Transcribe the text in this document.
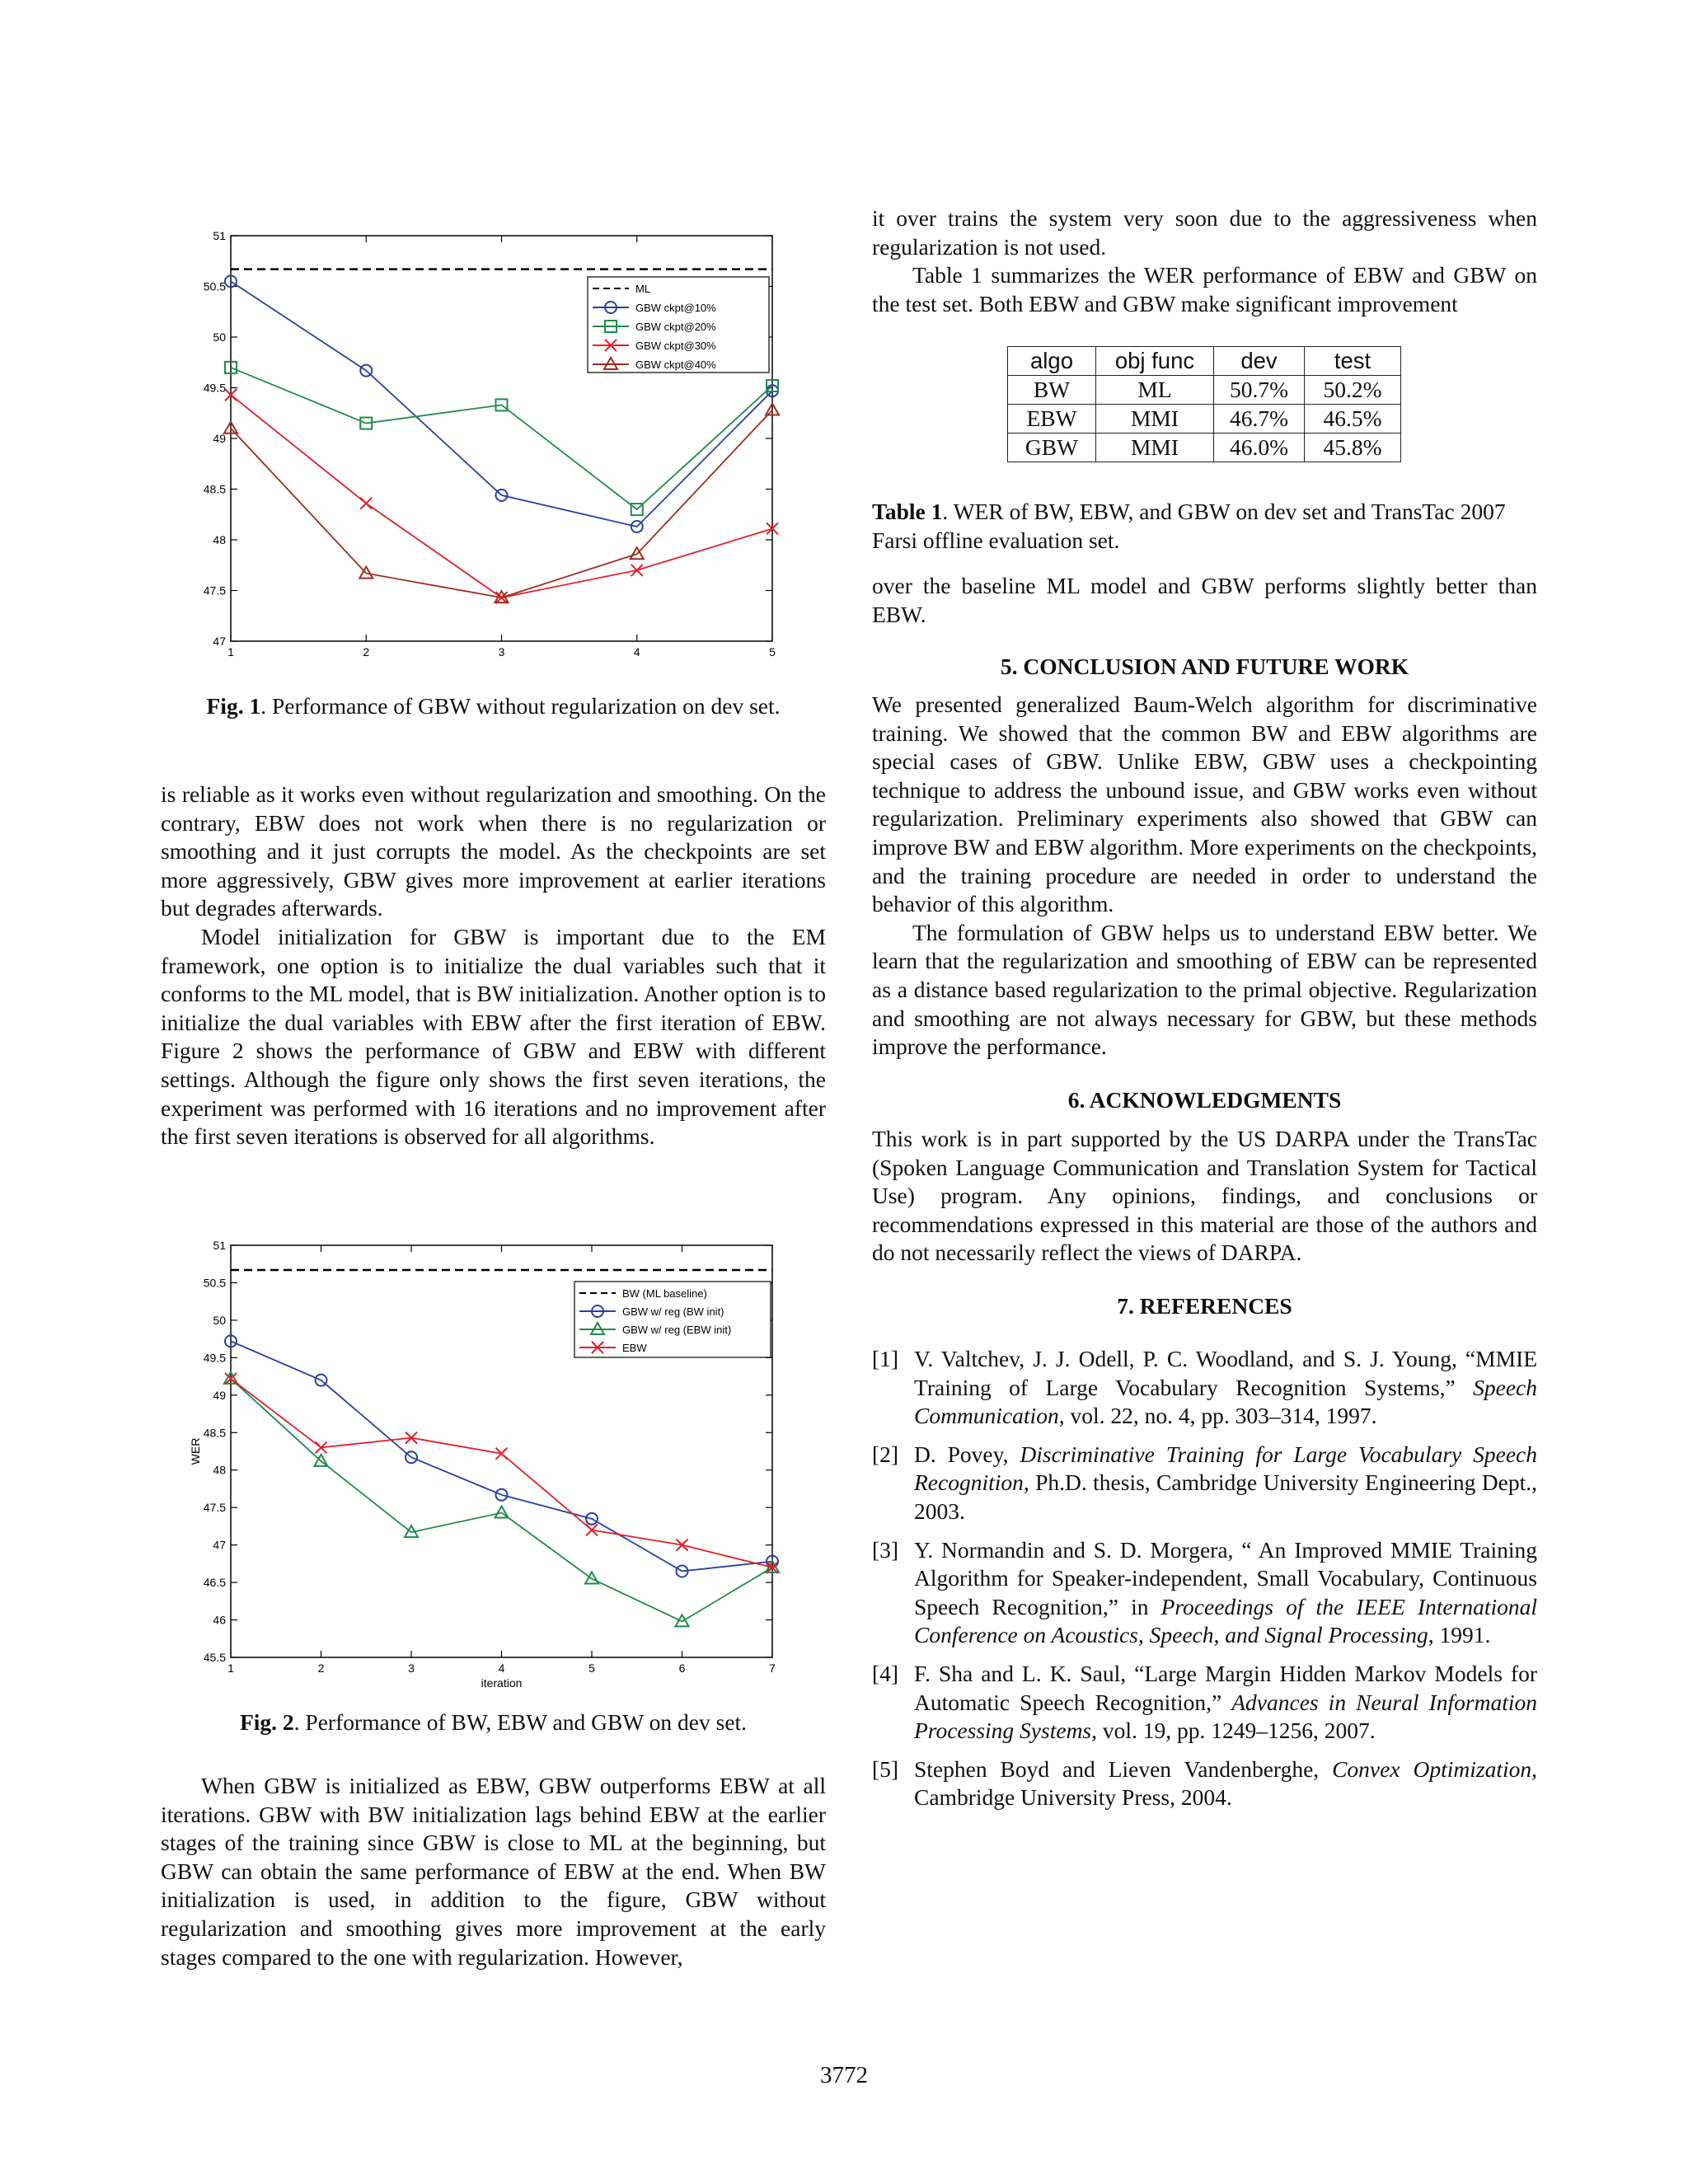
51
50.5
50
49.5
49
48.5
48
47.5
47
1	2	3	4	5
ML
GBW ckpt@10%
GBW ckpt@20%
GBW ckpt@30%
GBW ckpt@40%
Fig. 1. Performance of GBW without regularization on dev set.

is reliable as it works even without regularization and smoothing. On the contrary, EBW does not work when there is no regularization or smoothing and it just corrupts the model. As the checkpoints are set more aggressively, GBW gives more improvement at earlier iterations but degrades afterwards.

Model initialization for GBW is important due to the EM framework, one option is to initialize the dual variables such that it conforms to the ML model, that is BW initialization. Another option is to initialize the dual variables with EBW after the first iteration of EBW. Figure 2 shows the performance of GBW and EBW with different settings. Although the figure only shows the first seven iterations, the experiment was performed with 16 iterations and no improvement after the first seven iterations is observed for all algorithms.

51
50.5
50
49.5
49
48.5
48
47.5
47
46.5
46
45.5
1	2	3	4	5	6	7
iteration
WER
BW (ML baseline)
GBW w/ reg (BW init)
GBW w/ reg (EBW init)
EBW
Fig. 2. Performance of BW, EBW and GBW on dev set.

When GBW is initialized as EBW, GBW outperforms EBW at all iterations. GBW with BW initialization lags behind EBW at the earlier stages of the training since GBW is close to ML at the beginning, but GBW can obtain the same performance of EBW at the end. When BW initialization is used, in addition to the figure, GBW without regularization and smoothing gives more improvement at the early stages compared to the one with regularization. However,

it over trains the system very soon due to the aggressiveness when regularization is not used.

Table 1 summarizes the WER performance of EBW and GBW on the test set. Both EBW and GBW make significant improvement

algo	obj func	dev	test
BW	ML	50.7%	50.2%
EBW	MMI	46.7%	46.5%
GBW	MMI	46.0%	45.8%
Table 1. WER of BW, EBW, and GBW on dev set and TransTac 2007 Farsi offline evaluation set.

over the baseline ML model and GBW performs slightly better than EBW.

5. CONCLUSION AND FUTURE WORK

We presented generalized Baum-Welch algorithm for discriminative training. We showed that the common BW and EBW algorithms are special cases of GBW. Unlike EBW, GBW uses a checkpointing technique to address the unbound issue, and GBW works even without regularization. Preliminary experiments also showed that GBW can improve BW and EBW algorithm. More experiments on the checkpoints, and the training procedure are needed in order to understand the behavior of this algorithm.

The formulation of GBW helps us to understand EBW better. We learn that the regularization and smoothing of EBW can be represented as a distance based regularization to the primal objective. Regularization and smoothing are not always necessary for GBW, but these methods improve the performance.

6. ACKNOWLEDGMENTS

This work is in part supported by the US DARPA under the TransTac (Spoken Language Communication and Translation System for Tactical Use) program. Any opinions, findings, and conclusions or recommendations expressed in this material are those of the authors and do not necessarily reflect the views of DARPA.

7. REFERENCES
[1] V. Valtchev, J. J. Odell, P. C. Woodland, and S. J. Young, “MMIE Training of Large Vocabulary Recognition Systems,” Speech Communication, vol. 22, no. 4, pp. 303–314, 1997.
[2] D. Povey, Discriminative Training for Large Vocabulary Speech Recognition, Ph.D. thesis, Cambridge University Engineering Dept., 2003.
[3] Y. Normandin and S. D. Morgera, “ An Improved MMIE Training Algorithm for Speaker-independent, Small Vocabulary, Continuous Speech Recognition,” in Proceedings of the IEEE International Conference on Acoustics, Speech, and Signal Processing, 1991.
[4] F. Sha and L. K. Saul, “Large Margin Hidden Markov Models for Automatic Speech Recognition,” Advances in Neural Information Processing Systems, vol. 19, pp. 1249–1256, 2007.
[5] Stephen Boyd and Lieven Vandenberghe, Convex Optimization, Cambridge University Press, 2004.
3772
